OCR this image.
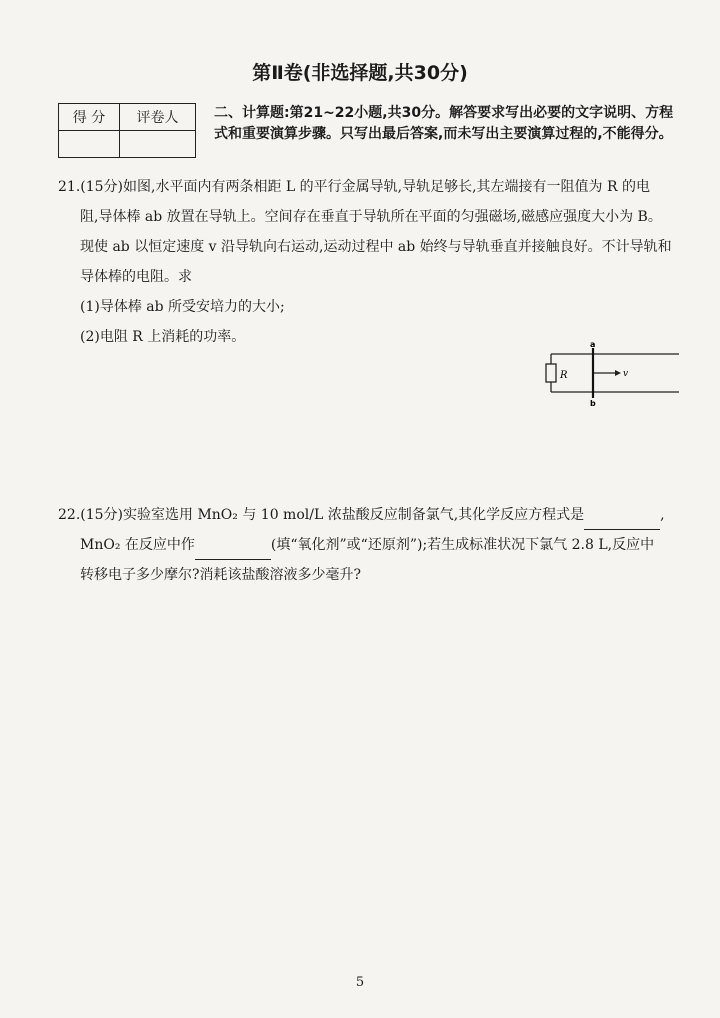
第Ⅱ卷(非选择题,共30分)
得 分	评卷人
		二、计算题:第21~22小题,共30分。解答要求写出必要的文字说明、方程式和重要演算步骤。只写出最后答案,而未写出主要演算过程的,不能得分。

21.(15分)如图,水平面内有两条相距 L 的平行金属导轨,导轨足够长,其左端接有一阻值为 R 的电

阻,导体棒 ab 放置在导轨上。空间存在垂直于导轨所在平面的匀强磁场,磁感应强度大小为 B。

现使 ab 以恒定速度 v 沿导轨向右运动,运动过程中 ab 始终与导轨垂直并接触良好。不计导轨和

导体棒的电阻。求

(1)导体棒 ab 所受安培力的大小;

(2)电阻 R 上消耗的功率。

R
a
b
v

22.(15分)实验室选用 MnO₂ 与 10 mol/L 浓盐酸反应制备氯气,其化学反应方程式是	,

MnO₂ 在反应中作	(填“氧化剂”或“还原剂”);若生成标准状况下氯气 2.8 L,反应中

转移电子多少摩尔?消耗该盐酸溶液多少毫升?

5
